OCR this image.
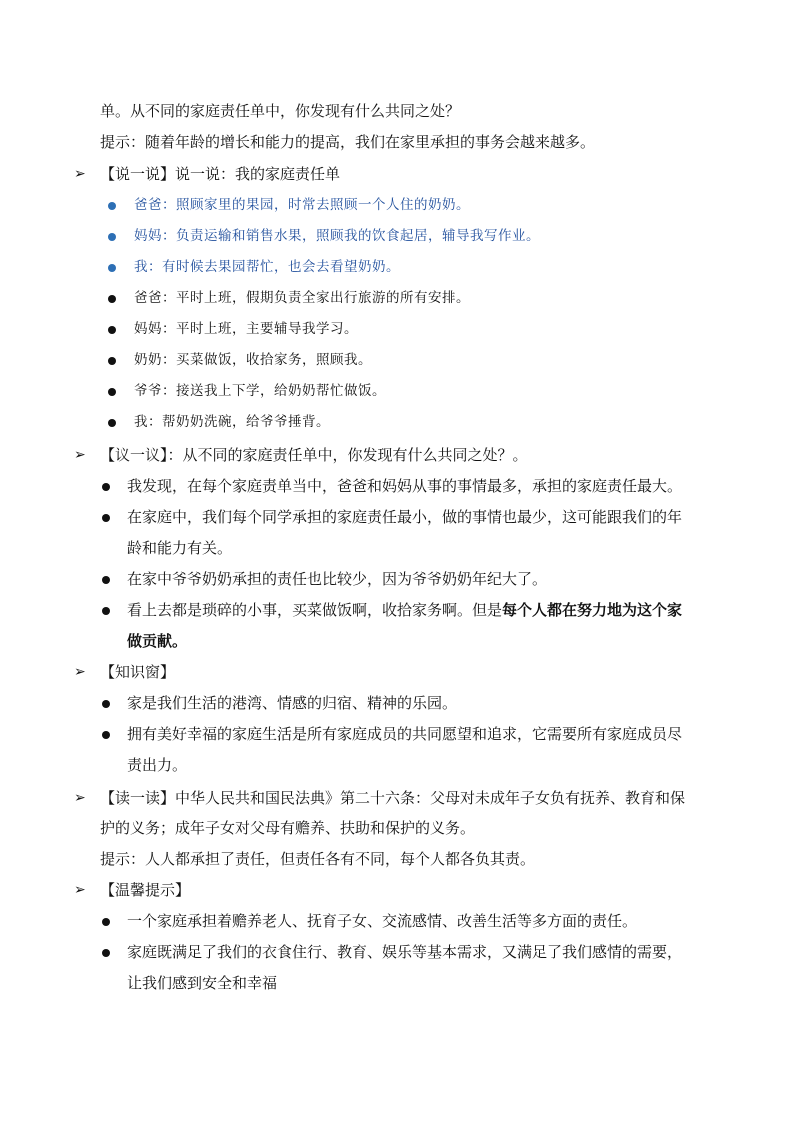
单。从不同的家庭责任单中，你发现有什么共同之处？
提示：随着年龄的增长和能力的提高，我们在家里承担的事务会越来越多。
➢ 【说一说】说一说：我的家庭责任单
爸爸：照顾家里的果园，时常去照顾一个人住的奶奶。
妈妈：负责运输和销售水果，照顾我的饮食起居，辅导我写作业。
我：有时候去果园帮忙，也会去看望奶奶。
爸爸：平时上班，假期负责全家出行旅游的所有安排。
妈妈：平时上班，主要辅导我学习。
奶奶：买菜做饭，收拾家务，照顾我。
爷爷：接送我上下学，给奶奶帮忙做饭。
我：帮奶奶洗碗，给爷爷捶背。
➢ 【议一议】：从不同的家庭责任单中，你发现有什么共同之处？。
我发现，在每个家庭责单当中，爸爸和妈妈从事的事情最多，承担的家庭责任最大。
在家庭中，我们每个同学承担的家庭责任最小，做的事情也最少，这可能跟我们的年
龄和能力有关。
在家中爷爷奶奶承担的责任也比较少，因为爷爷奶奶年纪大了。
看上去都是琐碎的小事，买菜做饭啊，收拾家务啊。但是每个人都在努力地为这个家
做贡献。
➢ 【知识窗】
家是我们生活的港湾、情感的归宿、精神的乐园。
拥有美好幸福的家庭生活是所有家庭成员的共同愿望和追求，它需要所有家庭成员尽
责出力。
➢ 【读一读】中华人民共和国民法典》第二十六条：父母对未成年子女负有抚养、教育和保
护的义务；成年子女对父母有赡养、扶助和保护的义务。
提示：人人都承担了责任，但责任各有不同，每个人都各负其责。
➢ 【温馨提示】
一个家庭承担着赡养老人、抚育子女、交流感情、改善生活等多方面的责任。
家庭既满足了我们的衣食住行、教育、娱乐等基本需求，又满足了我们感情的需要，
让我们感到安全和幸福
